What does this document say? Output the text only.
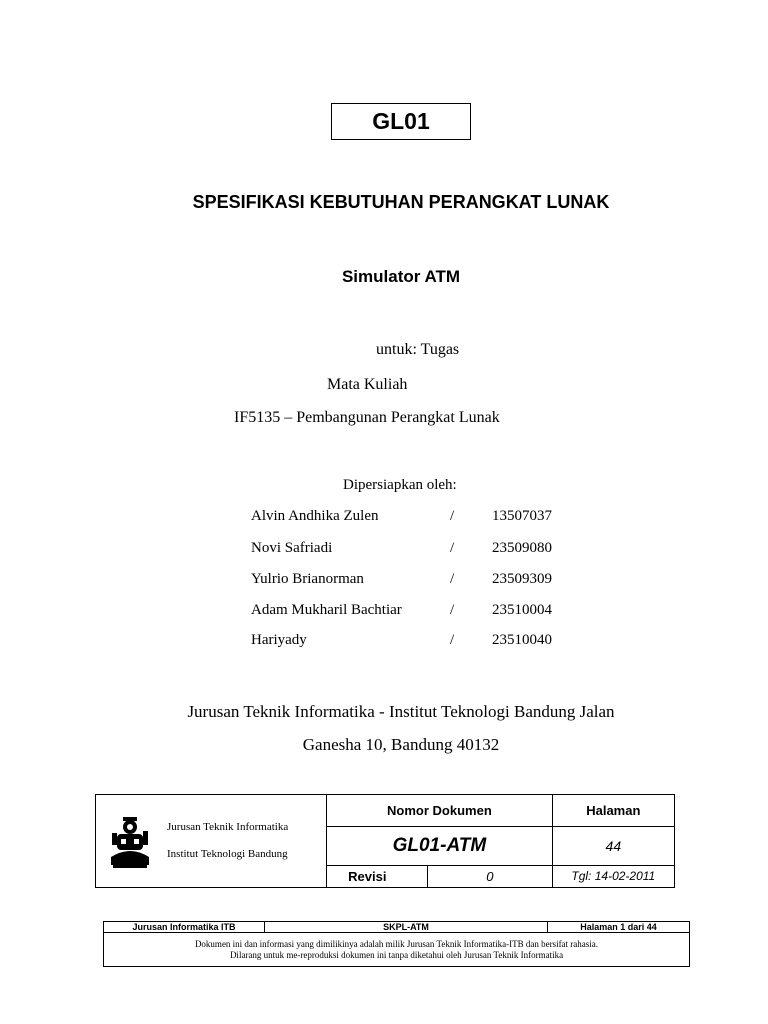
GL01
SPESIFIKASI KEBUTUHAN PERANGKAT LUNAK
Simulator ATM
untuk: Tugas
Mata Kuliah
IF5135 – Pembangunan Perangkat Lunak
Dipersiapkan oleh:
Alvin Andhika Zulen	/	13507037
Novi Safriadi	/	23509080
Yulrio Brianorman	/	23509309
Adam Mukharil Bachtiar	/	23510004
Hariyady	/	23510040
Jurusan Teknik Informatika - Institut Teknologi Bandung Jalan
Ganesha 10, Bandung 40132
Jurusan Teknik Informatika
Institut Teknologi Bandung	Nomor Dokumen		Halaman
	GL01-ATM		44
	Revisi	0	Tgl: 14-02-2011
Jurusan Informatika ITB	SKPL-ATM	Halaman 1 dari 44

Dokumen ini dan informasi yang dimilikinya adalah milik Jurusan Teknik Informatika-ITB dan bersifat rahasia.
Dilarang untuk me-reproduksi dokumen ini tanpa diketahui oleh Jurusan Teknik Informatika
